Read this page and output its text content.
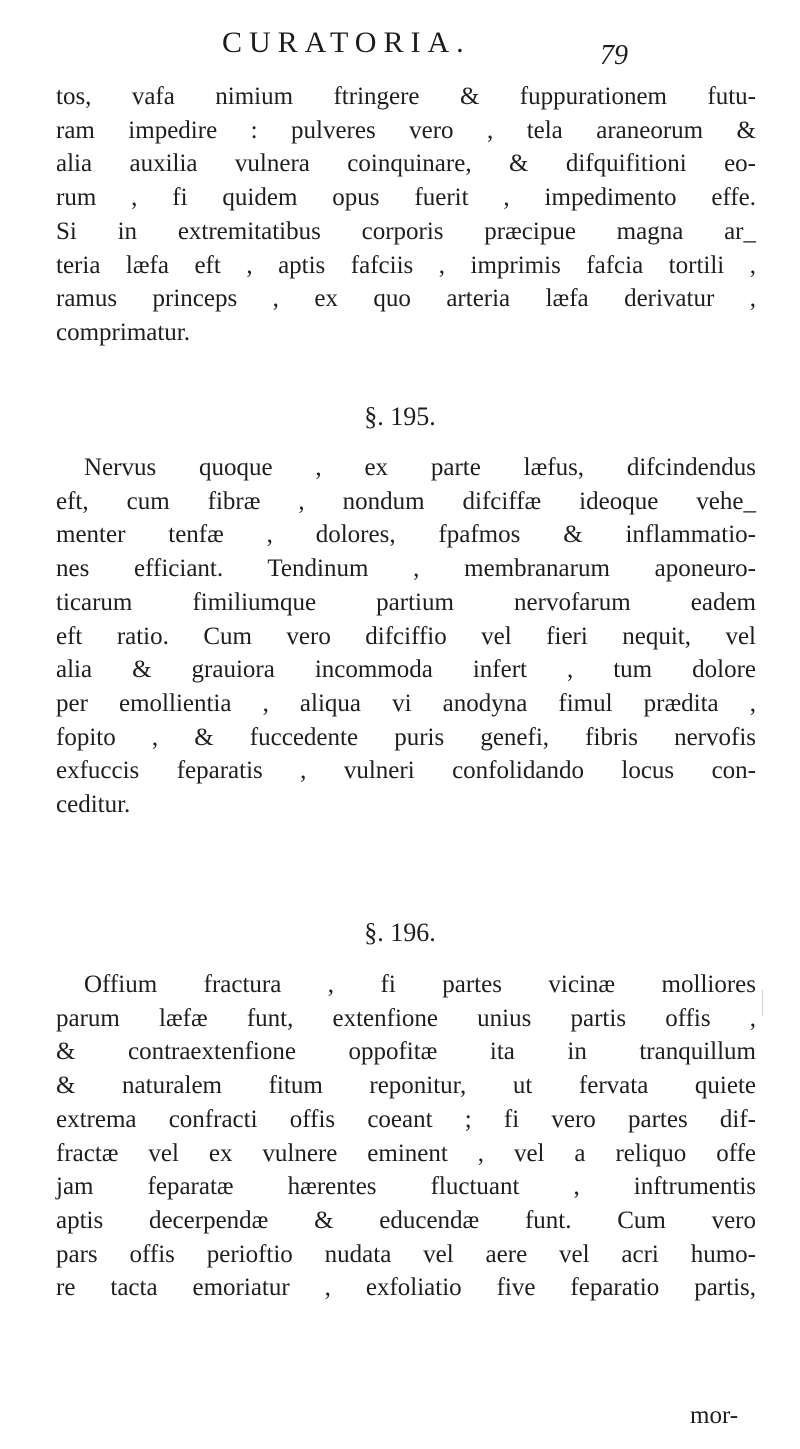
CURATORIA.	79
tos, vafa nimium ftringere & fuppurationem futu-
ram impedire : pulveres vero , tela araneorum &
alia auxilia vulnera coinquinare, & difquifitioni eo-
rum , fi quidem opus fuerit , impedimento effe.
Si in extremitatibus corporis præcipue magna ar_
teria læfa eft , aptis fafciis , imprimis fafcia tortili ,
ramus princeps , ex quo arteria læfa derivatur ,
comprimatur.
§. 195.
Nervus quoque , ex parte læfus, difcindendus
eft, cum fibræ , nondum difciffæ ideoque vehe_
menter tenfæ , dolores, fpafmos & inflammatio-
nes efficiant. Tendinum , membranarum aponeuro-
ticarum fimiliumque partium nervofarum eadem
eft ratio. Cum vero difciffio vel fieri nequit, vel
alia & grauiora incommoda infert , tum dolore
per emollientia , aliqua vi anodyna fimul prædita ,
fopito , & fuccedente puris genefi, fibris nervofis
exfuccis feparatis , vulneri confolidando locus con-
ceditur.
§. 196.
Offium fractura , fi partes vicinæ molliores
parum læfæ funt, extenfione unius partis offis ,
& contraextenfione oppofitæ ita in tranquillum
& naturalem fitum reponitur, ut fervata quiete
extrema confracti offis coeant ; fi vero partes dif-
fractæ vel ex vulnere eminent , vel a reliquo offe
jam feparatæ hærentes fluctuant , inftrumentis
aptis decerpendæ & educendæ funt. Cum vero
pars offis perioftio nudata vel aere vel acri humo-
re tacta emoriatur , exfoliatio five feparatio partis,
mor-
